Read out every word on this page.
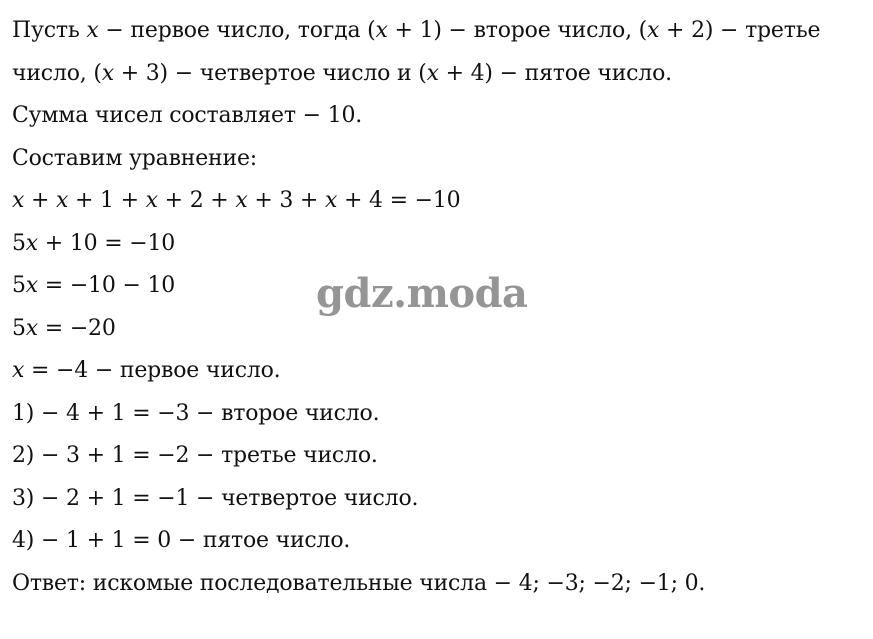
Пусть 𝑥 − первое число, тогда (𝑥 + 1) − второе число, (𝑥 + 2) − третье
число, (𝑥 + 3) − четвертое число и (𝑥 + 4) − пятое число.
Сумма чисел составляет − 10.
Составим уравнение:
𝑥 + 𝑥 + 1 + 𝑥 + 2 + 𝑥 + 3 + 𝑥 + 4 = −10
5𝑥 + 10 = −10
5𝑥 = −10 − 10
5𝑥 = −20
𝑥 = −4 − первое число.
1) − 4 + 1 = −3 − второе число.
2) − 3 + 1 = −2 − третье число.
3) − 2 + 1 = −1 − четвертое число.
4) − 1 + 1 = 0 − пятое число.
Ответ: искомые последовательные числа − 4; −3; −2; −1; 0.
gdz.moda
